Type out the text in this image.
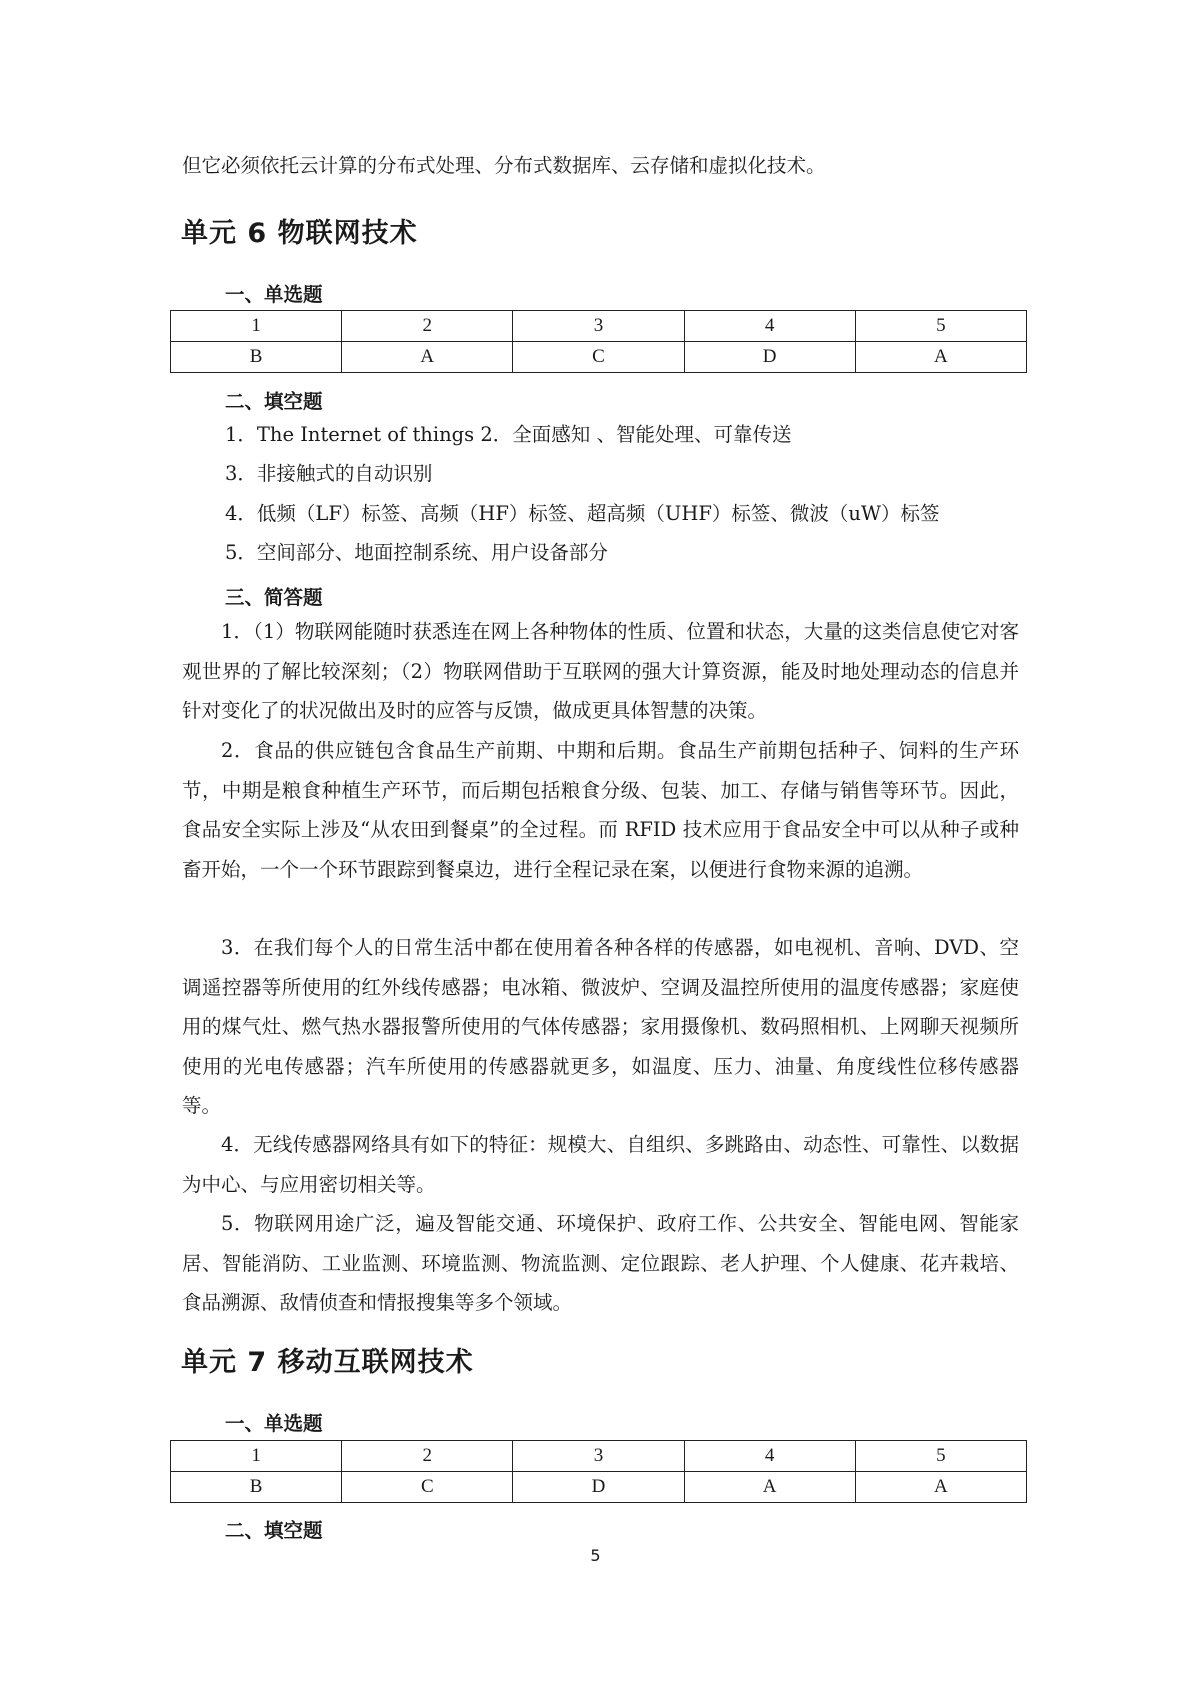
但它必须依托云计算的分布式处理、分布式数据库、云存储和虚拟化技术。
单元 6 物联网技术
一、单选题
1	2	3	4	5
B	A	C	D	A
二、填空题
1．The Internet of things 2．全面感知 、智能处理、可靠传送
3．非接触式的自动识别
4．低频（LF）标签、高频（HF）标签、超高频（UHF）标签、微波（uW）标签
5．空间部分、地面控制系统、用户设备部分
三、简答题
1．（1）物联网能随时获悉连在网上各种物体的性质、位置和状态，大量的这类信息使它对客观世界的了解比较深刻；（2）物联网借助于互联网的强大计算资源，能及时地处理动态的信息并针对变化了的状况做出及时的应答与反馈，做成更具体智慧的决策。
2．食品的供应链包含食品生产前期、中期和后期。食品生产前期包括种子、饲料的生产环节，中期是粮食种植生产环节，而后期包括粮食分级、包装、加工、存储与销售等环节。因此，食品安全实际上涉及“从农田到餐桌”的全过程。而 RFID 技术应用于食品安全中可以从种子或种畜开始，一个一个环节跟踪到餐桌边，进行全程记录在案，以便进行食物来源的追溯。
3．在我们每个人的日常生活中都在使用着各种各样的传感器，如电视机、音响、DVD、空调遥控器等所使用的红外线传感器；电冰箱、微波炉、空调及温控所使用的温度传感器；家庭使用的煤气灶、燃气热水器报警所使用的气体传感器；家用摄像机、数码照相机、上网聊天视频所使用的光电传感器；汽车所使用的传感器就更多，如温度、压力、油量、角度线性位移传感器等。
4．无线传感器网络具有如下的特征：规模大、自组织、多跳路由、动态性、可靠性、以数据为中心、与应用密切相关等。
5．物联网用途广泛，遍及智能交通、环境保护、政府工作、公共安全、智能电网、智能家居、智能消防、工业监测、环境监测、物流监测、定位跟踪、老人护理、个人健康、花卉栽培、食品溯源、敌情侦查和情报搜集等多个领域。
单元 7 移动互联网技术
一、单选题
1	2	3	4	5
B	C	D	A	A
二、填空题
5
